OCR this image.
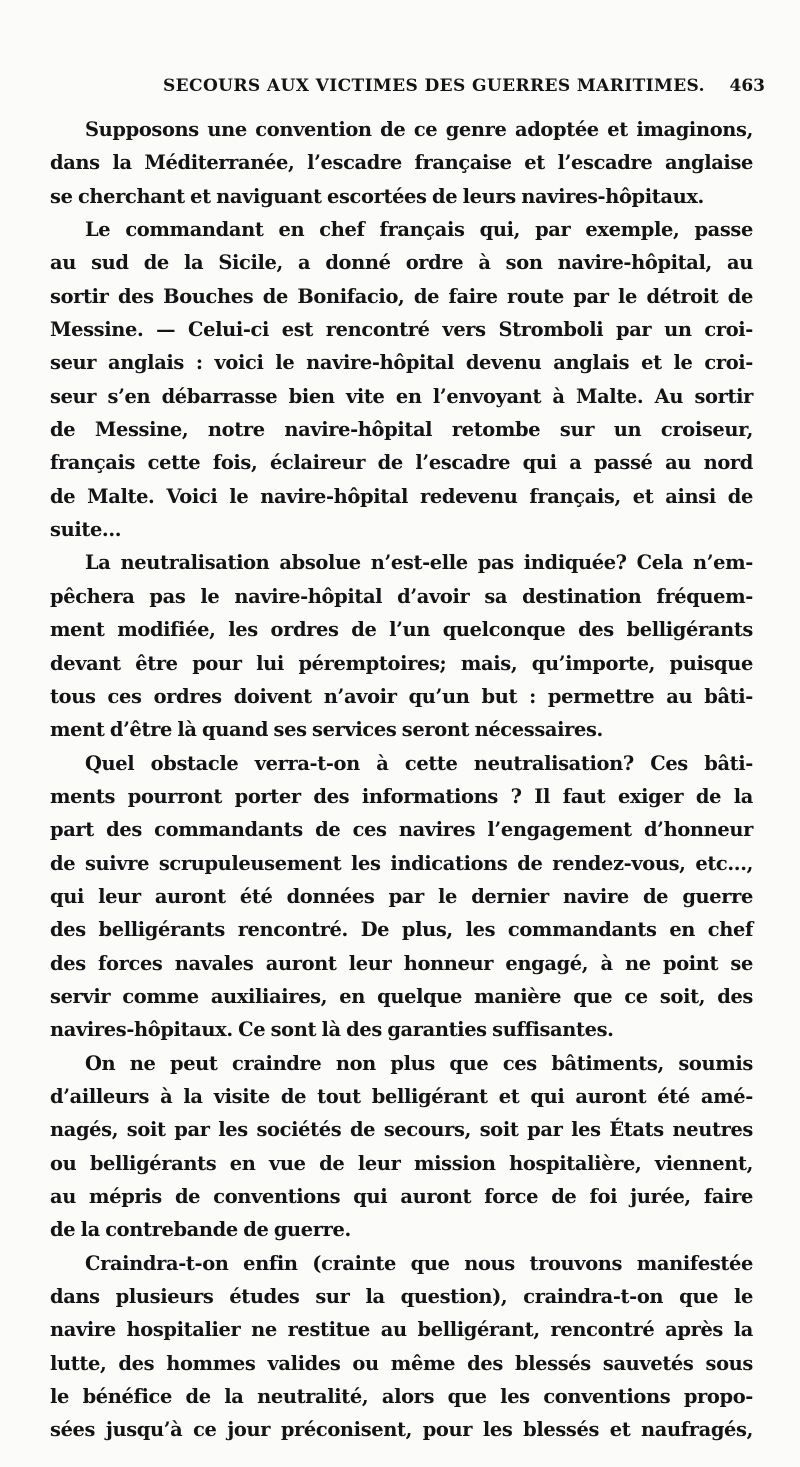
SECOURS AUX VICTIMES DES GUERRES MARITIMES. 463
Supposons une convention de ce genre adoptée et imaginons,
dans la Méditerranée, l’escadre française et l’escadre anglaise
se cherchant et naviguant escortées de leurs navires-hôpitaux.
Le commandant en chef français qui, par exemple, passe
au sud de la Sicile, a donné ordre à son navire-hôpital, au
sortir des Bouches de Bonifacio, de faire route par le détroit de
Messine. — Celui-ci est rencontré vers Stromboli par un croi-
seur anglais : voici le navire-hôpital devenu anglais et le croi-
seur s’en débarrasse bien vite en l’envoyant à Malte. Au sortir
de Messine, notre navire-hôpital retombe sur un croiseur,
français cette fois, éclaireur de l’escadre qui a passé au nord
de Malte. Voici le navire-hôpital redevenu français, et ainsi de
suite...
La neutralisation absolue n’est-elle pas indiquée? Cela n’em-
pêchera pas le navire-hôpital d’avoir sa destination fréquem-
ment modifiée, les ordres de l’un quelconque des belligérants
devant être pour lui péremptoires; mais, qu’importe, puisque
tous ces ordres doivent n’avoir qu’un but : permettre au bâti-
ment d’être là quand ses services seront nécessaires.
Quel obstacle verra-t-on à cette neutralisation? Ces bâti-
ments pourront porter des informations ? Il faut exiger de la
part des commandants de ces navires l’engagement d’honneur
de suivre scrupuleusement les indications de rendez-vous, etc...,
qui leur auront été données par le dernier navire de guerre
des belligérants rencontré. De plus, les commandants en chef
des forces navales auront leur honneur engagé, à ne point se
servir comme auxiliaires, en quelque manière que ce soit, des
navires-hôpitaux. Ce sont là des garanties suffisantes.
On ne peut craindre non plus que ces bâtiments, soumis
d’ailleurs à la visite de tout belligérant et qui auront été amé-
nagés, soit par les sociétés de secours, soit par les États neutres
ou belligérants en vue de leur mission hospitalière, viennent,
au mépris de conventions qui auront force de foi jurée, faire
de la contrebande de guerre.
Craindra-t-on enfin (crainte que nous trouvons manifestée
dans plusieurs études sur la question), craindra-t-on que le
navire hospitalier ne restitue au belligérant, rencontré après la
lutte, des hommes valides ou même des blessés sauvetés sous
le bénéfice de la neutralité, alors que les conventions propo-
sées jusqu’à ce jour préconisent, pour les blessés et naufragés,
